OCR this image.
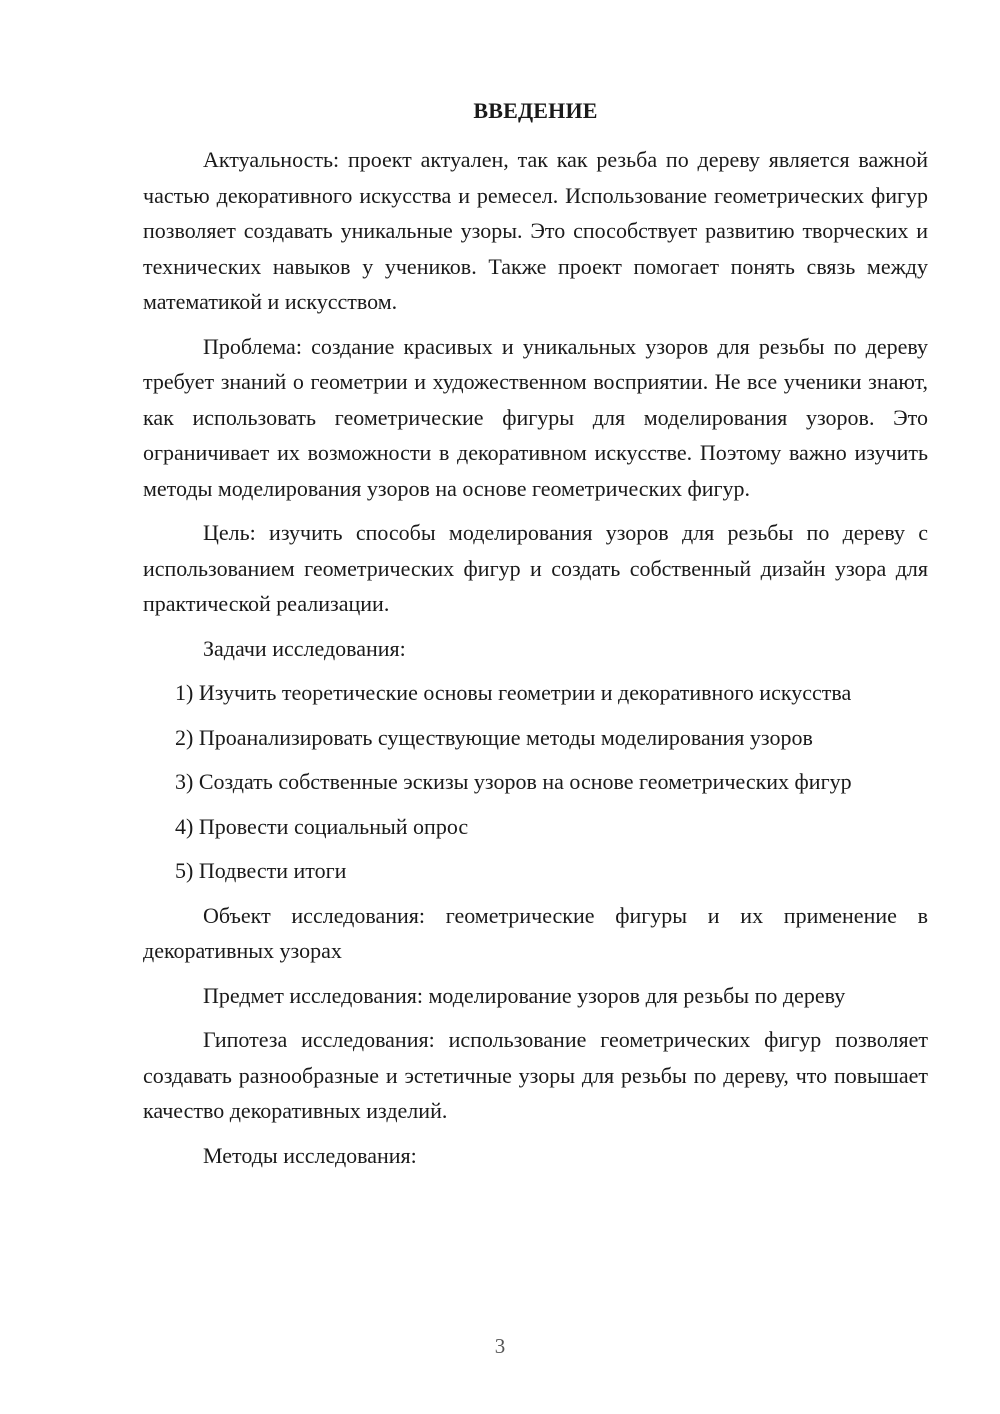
ВВЕДЕНИЕ

Актуальность: проект актуален, так как резьба по дереву является важной частью декоративного искусства и ремесел. Использование геометрических фигур позволяет создавать уникальные узоры. Это способствует развитию творческих и технических навыков у учеников. Также проект помогает понять связь между математикой и искусством.

Проблема: создание красивых и уникальных узоров для резьбы по дереву требует знаний о геометрии и художественном восприятии. Не все ученики знают, как использовать геометрические фигуры для моделирования узоров. Это ограничивает их возможности в декоративном искусстве. Поэтому важно изучить методы моделирования узоров на основе геометрических фигур.

Цель: изучить способы моделирования узоров для резьбы по дереву с использованием геометрических фигур и создать собственный дизайн узора для практической реализации.

Задачи исследования:

1) Изучить теоретические основы геометрии и декоративного искусства

2) Проанализировать существующие методы моделирования узоров

3) Создать собственные эскизы узоров на основе геометрических фигур

4) Провести социальный опрос

5) Подвести итоги

Объект исследования: геометрические фигуры и их применение в декоративных узорах

Предмет исследования: моделирование узоров для резьбы по дереву

Гипотеза исследования: использование геометрических фигур позволяет создавать разнообразные и эстетичные узоры для резьбы по дереву, что повышает качество декоративных изделий.

Методы исследования:

3
